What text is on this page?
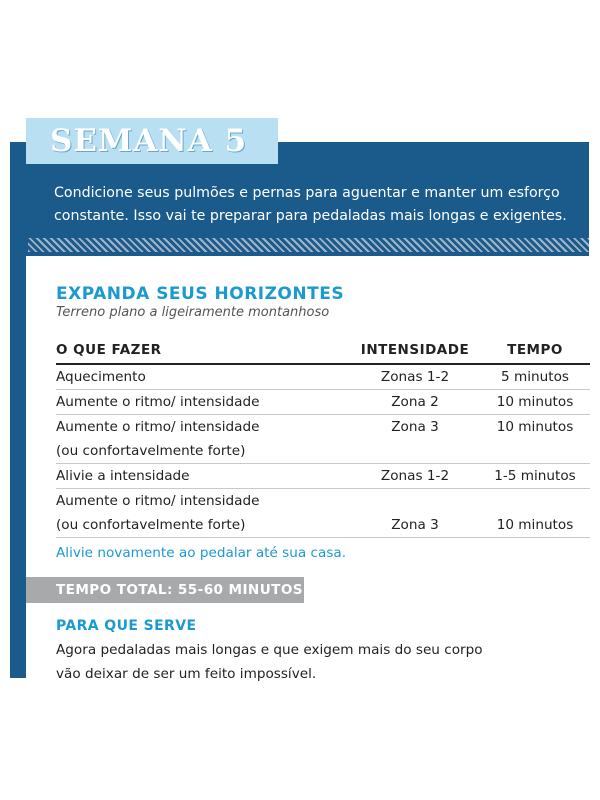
SEMANA 5
Condicione seus pulmões e pernas para aguentar e manter um esforço constante. Isso vai te preparar para pedaladas mais longas e exigentes.
EXPANDA SEUS HORIZONTES
Terreno plano a ligeiramente montanhoso
O QUE FAZER	INTENSIDADE	TEMPO
Aquecimento	Zonas 1-2	5 minutos
Aumente o ritmo/ intensidade	Zona 2	10 minutos
Aumente o ritmo/ intensidade	Zona 3	10 minutos
(ou confortavelmente forte)		
Alivie a intensidade	Zonas 1-2	1-5 minutos
Aumente o ritmo/ intensidade		
(ou confortavelmente forte)	Zona 3	10 minutos
Alivie novamente ao pedalar até sua casa.
TEMPO TOTAL: 55-60 MINUTOS
PARA QUE SERVE
Agora pedaladas mais longas e que exigem mais do seu corpo
vão deixar de ser um feito impossível.
